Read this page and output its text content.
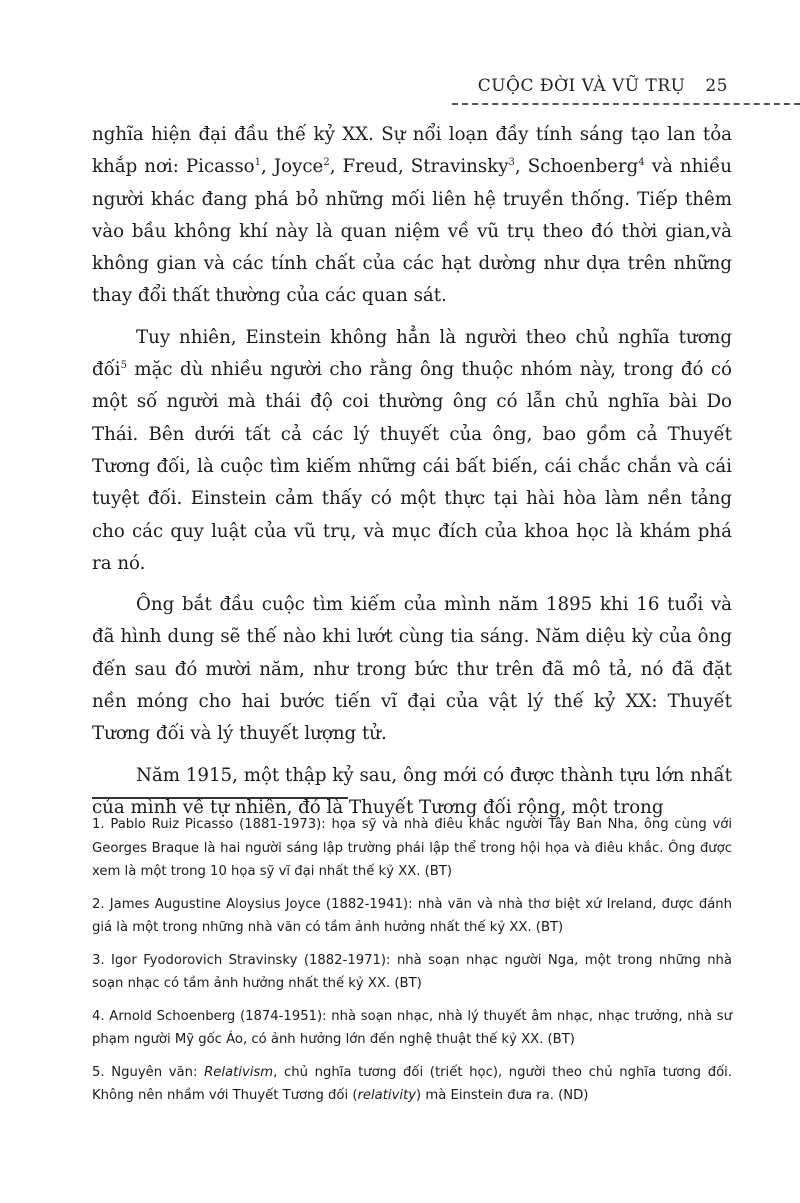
CUỘC ĐỜI VÀ VŨ TRỤ 25

nghĩa hiện đại đầu thế kỷ XX. Sự nổi loạn đầy tính sáng tạo lan tỏa khắp nơi: Picasso$^1$, Joyce$^2$, Freud, Stravinsky$^3$, Schoenberg$^4$ và nhiều người khác đang phá bỏ những mối liên hệ truyền thống. Tiếp thêm vào bầu không khí này là quan niệm về vũ trụ theo đó thời gian,và không gian và các tính chất của các hạt dường như dựa trên những thay đổi thất thường của các quan sát.

Tuy nhiên, Einstein không hẳn là người theo chủ nghĩa tương đối$^5$ mặc dù nhiều người cho rằng ông thuộc nhóm này, trong đó có một số người mà thái độ coi thường ông có lẫn chủ nghĩa bài Do Thái. Bên dưới tất cả các lý thuyết của ông, bao gồm cả Thuyết Tương đối, là cuộc tìm kiếm những cái bất biến, cái chắc chắn và cái tuyệt đối. Einstein cảm thấy có một thực tại hài hòa làm nền tảng cho các quy luật của vũ trụ, và mục đích của khoa học là khám phá ra nó.

Ông bắt đầu cuộc tìm kiếm của mình năm 1895 khi 16 tuổi và đã hình dung sẽ thế nào khi lướt cùng tia sáng. Năm diệu kỳ của ông đến sau đó mười năm, như trong bức thư trên đã mô tả, nó đã đặt nền móng cho hai bước tiến vĩ đại của vật lý thế kỷ XX: Thuyết Tương đối và lý thuyết lượng tử.

Năm 1915, một thập kỷ sau, ông mới có được thành tựu lớn nhất của mình về tự nhiên, đó là Thuyết Tương đối rộng, một trong

1. Pablo Ruiz Picasso (1881-1973): họa sỹ và nhà điêu khắc người Tây Ban Nha, ông cùng với Georges Braque là hai người sáng lập trường phái lập thể trong hội họa và điêu khắc. Ông được xem là một trong 10 họa sỹ vĩ đại nhất thế kỷ XX. (BT)

2. James Augustine Aloysius Joyce (1882-1941): nhà văn và nhà thơ biệt xứ Ireland, được đánh giá là một trong những nhà văn có tầm ảnh hưởng nhất thế kỷ XX. (BT)

3. Igor Fyodorovich Stravinsky (1882-1971): nhà soạn nhạc người Nga, một trong những nhà soạn nhạc có tầm ảnh hưởng nhất thế kỷ XX. (BT)

4. Arnold Schoenberg (1874-1951): nhà soạn nhạc, nhà lý thuyết âm nhạc, nhạc trưởng, nhà sư phạm người Mỹ gốc Áo, có ảnh hưởng lớn đến nghệ thuật thế kỷ XX. (BT)

5. Nguyên văn: Relativism, chủ nghĩa tương đối (triết học), người theo chủ nghĩa tương đối. Không nên nhầm với Thuyết Tương đối (relativity) mà Einstein đưa ra. (ND)
